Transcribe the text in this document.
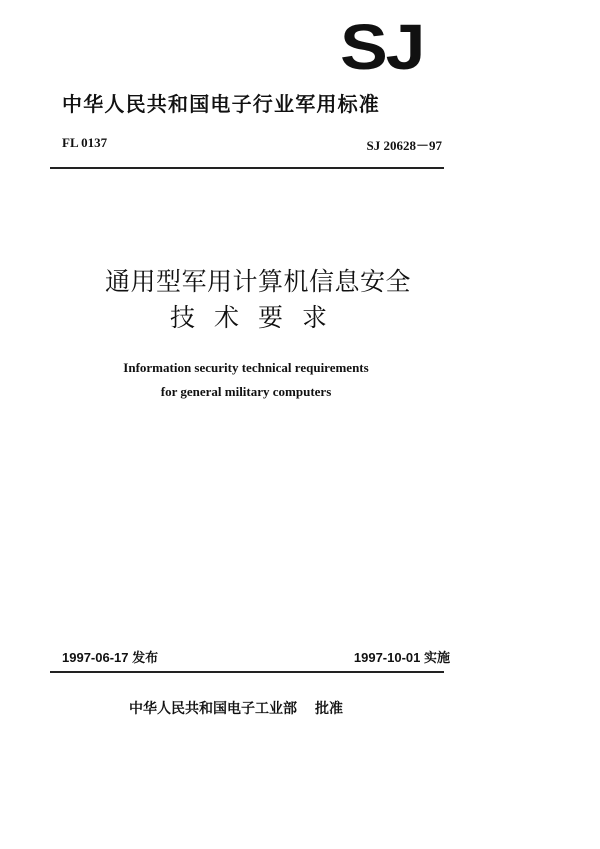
SJ
中华人民共和国电子行业军用标准
FL 0137	SJ 20628－97
通用型军用计算机信息安全
技术要求
Information security technical requirements
for general military computers
1997-06-17 发布	1997-10-01 实施
中华人民共和国电子工业部 批准
